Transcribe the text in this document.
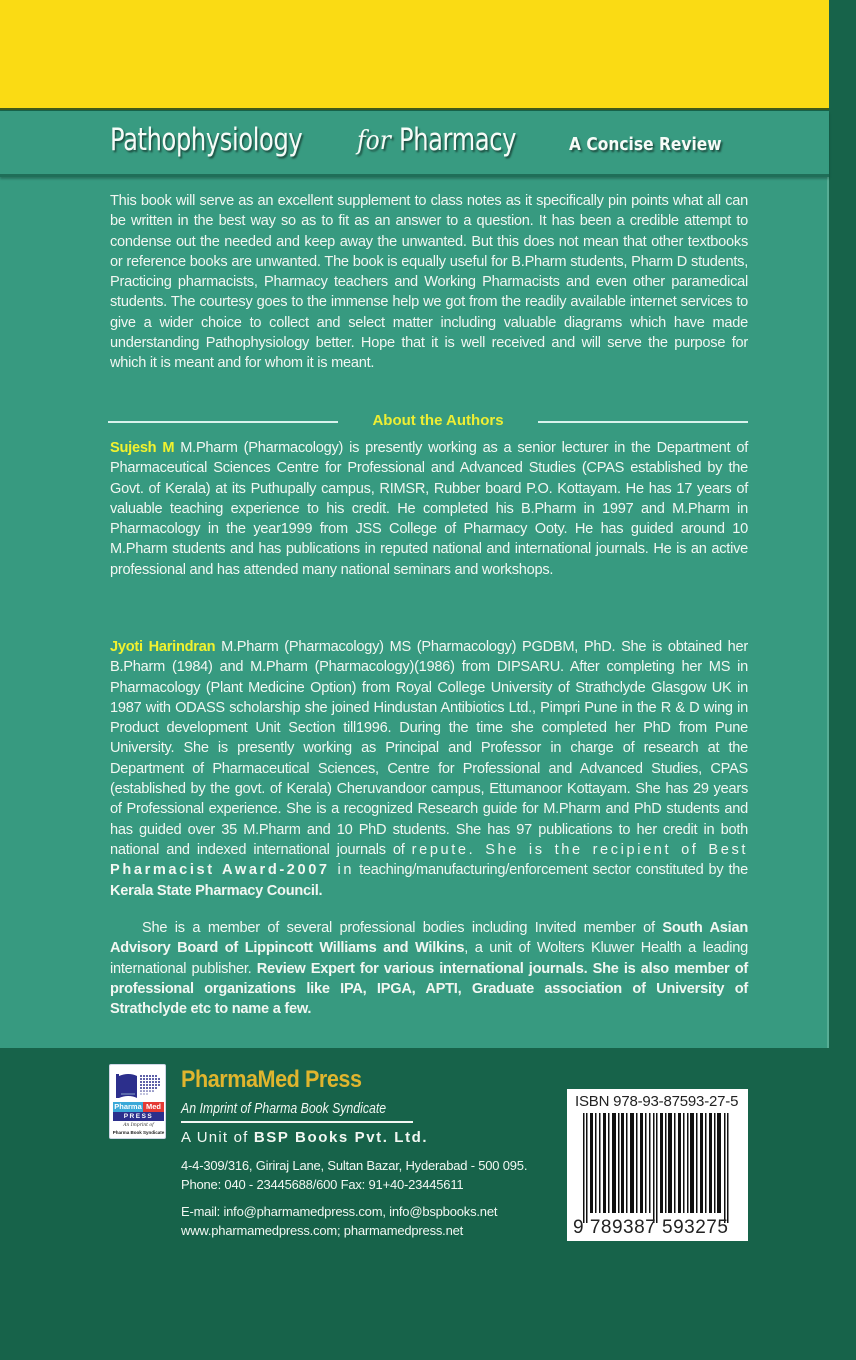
Pathophysiology for Pharmacy	A Concise Review

This book will serve as an excellent supplement to class notes as it specifically pin points what all can be written in the best way so as to fit as an answer to a question. It has been a credible attempt to condense out the needed and keep away the unwanted. But this does not mean that other textbooks or reference books are unwanted. The book is equally useful for B.Pharm students, Pharm D students, Practicing pharmacists, Pharmacy teachers and Working Pharmacists and even other paramedical students. The courtesy goes to the immense help we got from the readily available internet services to give a wider choice to collect and select matter including valuable diagrams which have made understanding Pathophysiology better. Hope that it is well received and will serve the purpose for which it is meant and for whom it is meant.

About the Authors

Sujesh M M.Pharm (Pharmacology) is presently working as a senior lecturer in the Department of Pharmaceutical Sciences Centre for Professional and Advanced Studies (CPAS established by the Govt. of Kerala) at its Puthupally campus, RIMSR, Rubber board P.O. Kottayam. He has 17 years of valuable teaching experience to his credit. He completed his B.Pharm in 1997 and M.Pharm in Pharmacology in the year1999 from JSS College of Pharmacy Ooty. He has guided around 10 M.Pharm students and has publications in reputed national and international journals. He is an active professional and has attended many national seminars and workshops.

Jyoti Harindran M.Pharm (Pharmacology) MS (Pharmacology) PGDBM, PhD. She is obtained her B.Pharm (1984) and M.Pharm (Pharmacology)(1986) from DIPSARU. After completing her MS in Pharmacology (Plant Medicine Option) from Royal College University of Strathclyde Glasgow UK in 1987 with ODASS scholarship she joined Hindustan Antibiotics Ltd., Pimpri Pune in the R & D wing in Product development Unit Section till1996. During the time she completed her PhD from Pune University. She is presently working as Principal and Professor in charge of research at the Department of Pharmaceutical Sciences, Centre for Professional and Advanced Studies, CPAS (established by the govt. of Kerala) Cheruvandoor campus, Ettumanoor Kottayam. She has 29 years of Professional experience. She is a recognized Research guide for M.Pharm and PhD students and has guided over 35 M.Pharm and 10 PhD students. She has 97 publications to her credit in both national and indexed international journals of repute. She is the recipient of Best Pharmacist Award-2007 in teaching/manufacturing/enforcement sector constituted by the Kerala State Pharmacy Council.

She is a member of several professional bodies including Invited member of South Asian Advisory Board of Lippincott Williams and Wilkins, a unit of Wolters Kluwer Health a leading international publisher. Review Expert for various international journals. She is also member of professional organizations like IPA, IPGA, APTI, Graduate association of University of Strathclyde etc to name a few.

Pharma Med
PRESS
An Imprint of
Pharma Book Syndicate
PharmaMed Press
An Imprint of Pharma Book Syndicate
A Unit of BSP Books Pvt. Ltd.
4-4-309/316, Giriraj Lane, Sultan Bazar, Hyderabad - 500 095.
Phone: 040 - 23445688/600 Fax: 91+40-23445611
E-mail: info@pharmamedpress.com, info@bspbooks.net
www.pharmamedpress.com; pharmamedpress.net
ISBN 978-93-87593-27-5
9 789387 593275
